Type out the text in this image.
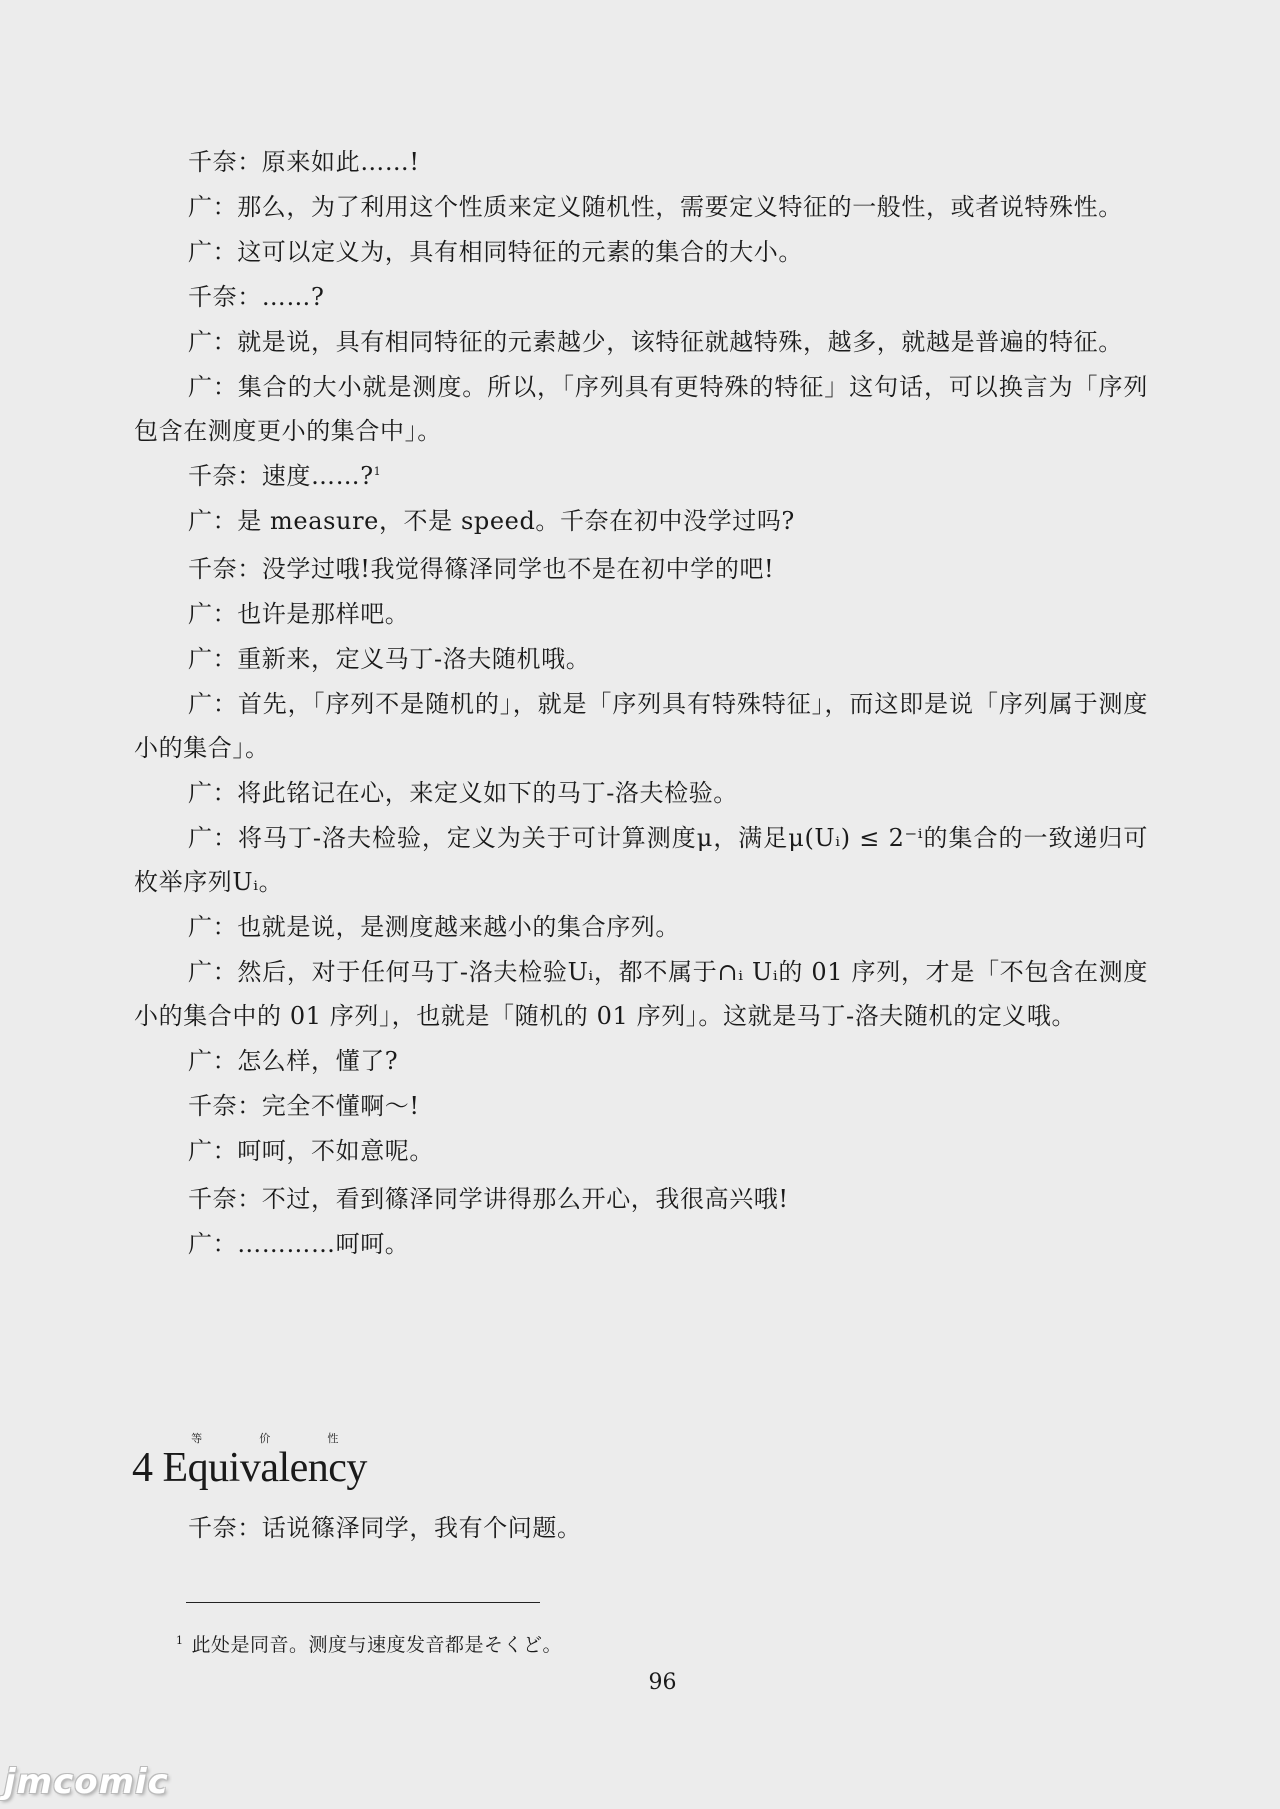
千奈：原来如此……!

广：那么，为了利用这个性质来定义随机性，需要定义特征的一般性，或者说特殊性。

广：这可以定义为，具有相同特征的元素的集合的大小。

千奈：……?

广：就是说，具有相同特征的元素越少，该特征就越特殊，越多，就越是普遍的特征。

广：集合的大小就是测度。所以，「序列具有更特殊的特征」这句话，可以换言为「序列包含在测度更小的集合中」。

千奈：速度……?$^1$

广：是 measure，不是 speed。千奈在初中没学过吗?

千奈：没学过哦!我觉得篠泽同学也不是在初中学的吧!

广：也许是那样吧。

广：重新来，定义马丁-洛夫随机哦。

广：首先，「序列不是随机的」，就是「序列具有特殊特征」，而这即是说「序列属于测度小的集合」。

广：将此铭记在心，来定义如下的马丁-洛夫检验。

广：将马丁-洛夫检验，定义为关于可计算测度μ，满足μ(Uᵢ) ≤ 2⁻ⁱ的集合的一致递归可枚举序列Uᵢ。

广：也就是说，是测度越来越小的集合序列。

广：然后，对于任何马丁-洛夫检验Uᵢ，都不属于∩ᵢ Uᵢ的 01 序列，才是「不包含在测度小的集合中的 01 序列」，也就是「随机的 01 序列」。这就是马丁-洛夫随机的定义哦。

广：怎么样，懂了?

千奈：完全不懂啊～!

广：呵呵，不如意呢。

千奈：不过，看到篠泽同学讲得那么开心，我很高兴哦!

广：…………呵呵。

4
等	价	性
Equivalency

千奈：话说篠泽同学，我有个问题。

$^1$ 此处是同音。测度与速度发音都是そくど。
96
jmcomic
